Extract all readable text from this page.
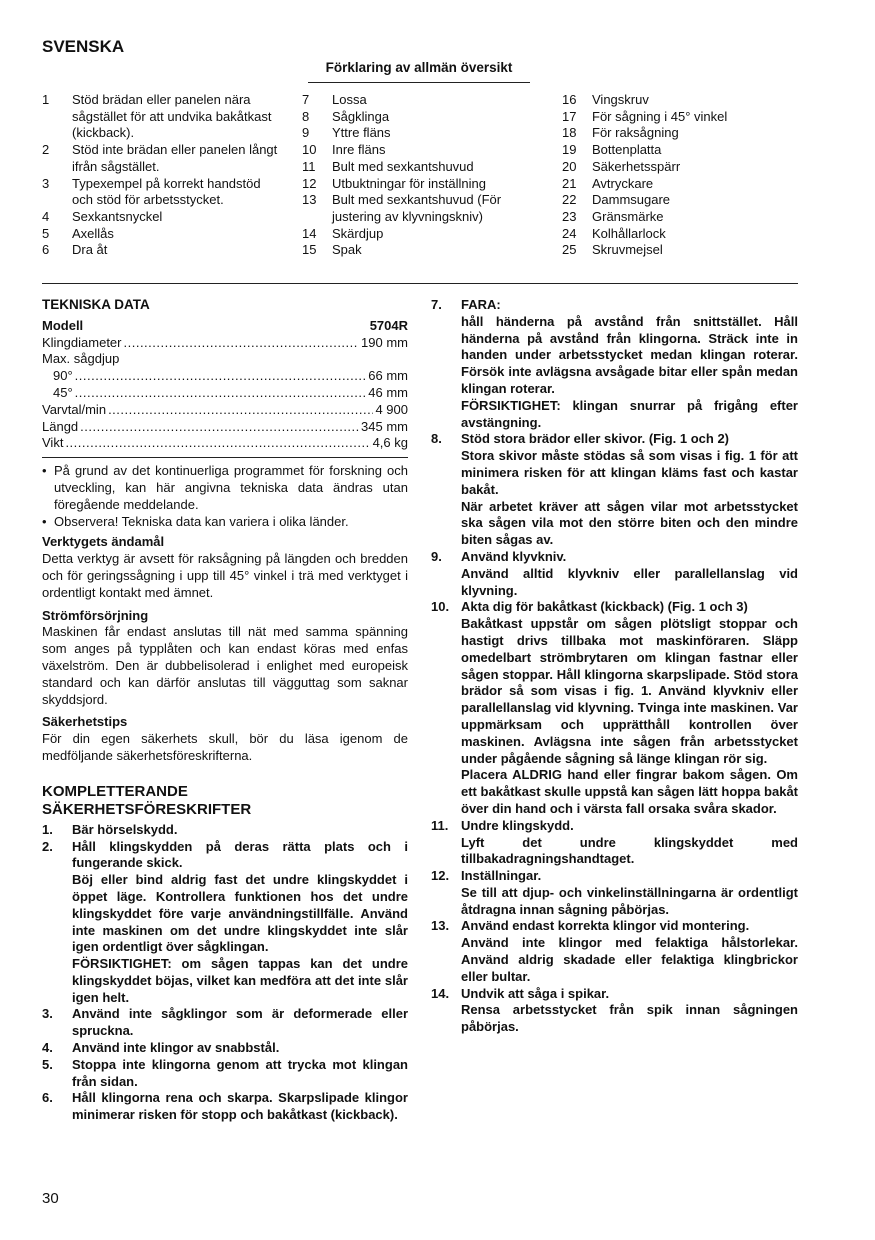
SVENSKA
Förklaring av allmän översikt
1	Stöd brädan eller panelen nära sågstället för att undvika bakåtkast (kickback).
2	Stöd inte brädan eller panelen långt ifrån sågstället.
3	Typexempel på korrekt handstöd och stöd för arbetsstycket.
4	Sexkantsnyckel
5	Axellås
6	Dra åt
7	Lossa
8	Sågklinga
9	Yttre fläns
10	Inre fläns
11	Bult med sexkantshuvud
12	Utbuktningar för inställning
13	Bult med sexkantshuvud (För justering av klyvningskniv)
14	Skärdjup
15	Spak
16	Vingskruv
17	För sågning i 45° vinkel
18	För raksågning
19	Bottenplatta
20	Säkerhetsspärr
21	Avtryckare
22	Dammsugare
23	Gränsmärke
24	Kolhållarlock
25	Skruvmejsel
TEKNISKA DATA
Modell	5704R
Klingdiameter .....	190 mm
Max. sågdjup
90° .....	66 mm
45° .....	46 mm
Varvtal/min .....	4 900
Längd .....	345 mm
Vikt .....	4,6 kg
• På grund av det kontinuerliga programmet för forskning och utveckling, kan här angivna tekniska data ändras utan föregående meddelande.
• Observera! Tekniska data kan variera i olika länder.
Verktygets ändamål
Detta verktyg är avsett för raksågning på längden och bredden och för geringssågning i upp till 45° vinkel i trä med verktyget i ordentligt kontakt med ämnet.
Strömförsörjning
Maskinen får endast anslutas till nät med samma spänning som anges på typplåten och kan endast köras med enfas växelström. Den är dubbelisolerad i enlighet med europeisk standard och kan därför anslutas till vägguttag som saknar skyddsjord.
Säkerhetstips
För din egen säkerhets skull, bör du läsa igenom de medföljande säkerhetsföreskrifterna.
KOMPLETTERANDE
SÄKERHETSFÖRESKRIFTER
1.	Bär hörselskydd.

2.	Håll klingskydden på deras rätta plats och i fungerande skick.

Böj eller bind aldrig fast det undre klingskyddet i öppet läge. Kontrollera funktionen hos det undre klingskyddet före varje användningstillfälle. Använd inte maskinen om det undre klingskyddet inte slår igen ordentligt över sågklingan.

FÖRSIKTIGHET: om sågen tappas kan det undre klingskyddet böjas, vilket kan medföra att det inte slår igen helt.

3.	Använd inte sågklingor som är deformerade eller spruckna.

4.	Använd inte klingor av snabbstål.

5.	Stoppa inte klingorna genom att trycka mot klingan från sidan.

6.	Håll klingorna rena och skarpa. Skarpslipade klingor minimerar risken för stopp och bakåtkast (kickback).

7.	FARA:

håll händerna på avstånd från snittstället. Håll händerna på avstånd från klingorna. Sträck inte in handen under arbetsstycket medan klingan roterar. Försök inte avlägsna avsågade bitar eller spån medan klingan roterar.

FÖRSIKTIGHET: klingan snurrar på frigång efter avstängning.

8.	Stöd stora brädor eller skivor. (Fig. 1 och 2)

Stora skivor måste stödas så som visas i fig. 1 för att minimera risken för att klingan kläms fast och kastar bakåt.

När arbetet kräver att sågen vilar mot arbetsstycket ska sågen vila mot den större biten och den mindre biten sågas av.

9.	Använd klyvkniv.

Använd alltid klyvkniv eller parallellanslag vid klyvning.

10. Akta dig för bakåtkast (kickback) (Fig. 1 och 3)

Bakåtkast uppstår om sågen plötsligt stoppar och hastigt drivs tillbaka mot maskinföraren. Släpp omedelbart strömbrytaren om klingan fastnar eller sågen stoppar. Håll klingorna skarpslipade. Stöd stora brädor så som visas i fig. 1. Använd klyvkniv eller parallellanslag vid klyvning. Tvinga inte maskinen. Var uppmärksam och upprätthåll kontrollen över maskinen. Avlägsna inte sågen från arbetsstycket under pågående sågning så länge klingan rör sig.

Placera ALDRIG hand eller fingrar bakom sågen. Om ett bakåtkast skulle uppstå kan sågen lätt hoppa bakåt över din hand och i värsta fall orsaka svåra skador.

11. Undre klingskydd.

Lyft det undre klingskyddet med tillbakadragningshandtaget.

12. Inställningar.

Se till att djup- och vinkelinställningarna är ordentligt åtdragna innan sågning påbörjas.

13. Använd endast korrekta klingor vid montering.

Använd inte klingor med felaktiga hålstorlekar. Använd aldrig skadade eller felaktiga klingbrickor eller bultar.

14. Undvik att såga i spikar.

Rensa arbetsstycket från spik innan sågningen påbörjas.

30
